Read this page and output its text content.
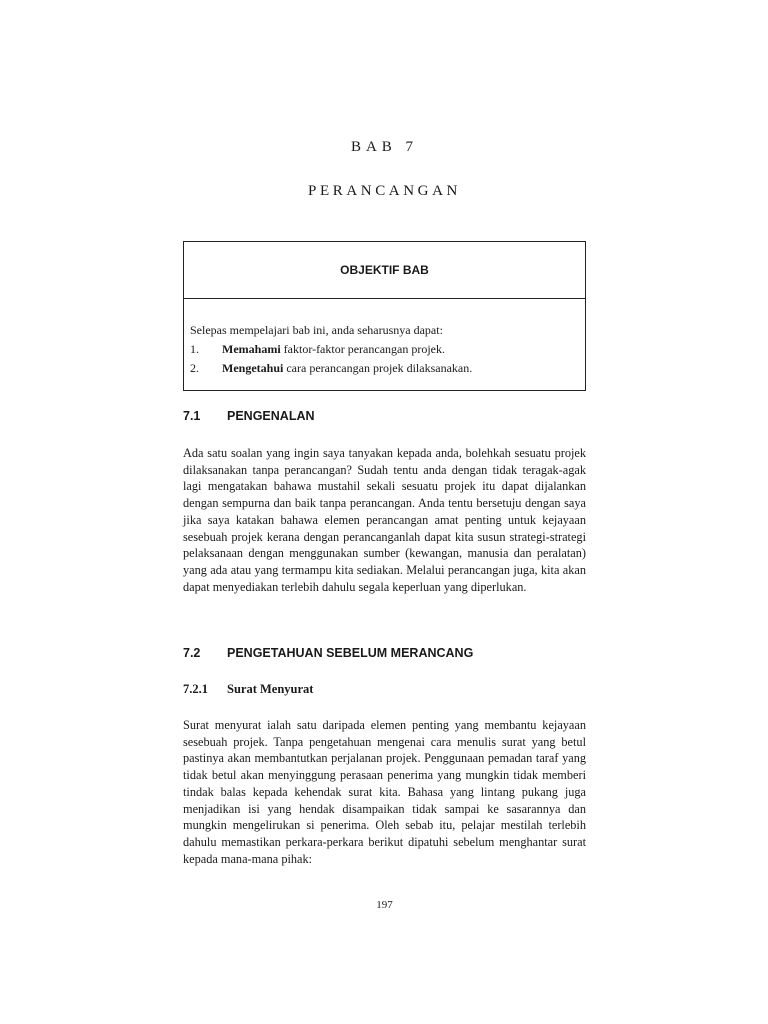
BAB 7
PERANCANGAN
OBJEKTIF BAB
Selepas mempelajari bab ini, anda seharusnya dapat:
1.	Memahami faktor-faktor perancangan projek.
2.	Mengetahui cara perancangan projek dilaksanakan.
7.1	PENGENALAN

Ada satu soalan yang ingin saya tanyakan kepada anda, bolehkah sesuatu projek dilaksanakan tanpa perancangan? Sudah tentu anda dengan tidak teragak-agak lagi mengatakan bahawa mustahil sekali sesuatu projek itu dapat dijalankan dengan sempurna dan baik tanpa perancangan. Anda tentu bersetuju dengan saya jika saya katakan bahawa elemen perancangan amat penting untuk kejayaan sesebuah projek kerana dengan perancanganlah dapat kita susun strategi-strategi pelaksanaan dengan menggunakan sumber (kewangan, manusia dan peralatan) yang ada atau yang termampu kita sediakan. Melalui perancangan juga, kita akan dapat menyediakan terlebih dahulu segala keperluan yang diperlukan.

7.2	PENGETAHUAN SEBELUM MERANCANG
7.2.1	Surat Menyurat

Surat menyurat ialah satu daripada elemen penting yang membantu kejayaan sesebuah projek. Tanpa pengetahuan mengenai cara menulis surat yang betul pastinya akan membantutkan perjalanan projek. Penggunaan pemadan taraf yang tidak betul akan menyinggung perasaan penerima yang mungkin tidak memberi tindak balas kepada kehendak surat kita. Bahasa yang lintang pukang juga menjadikan isi yang hendak disampaikan tidak sampai ke sasarannya dan mungkin mengelirukan si penerima. Oleh sebab itu, pelajar mestilah terlebih dahulu memastikan perkara-perkara berikut dipatuhi sebelum menghantar surat kepada mana-mana pihak:

197
